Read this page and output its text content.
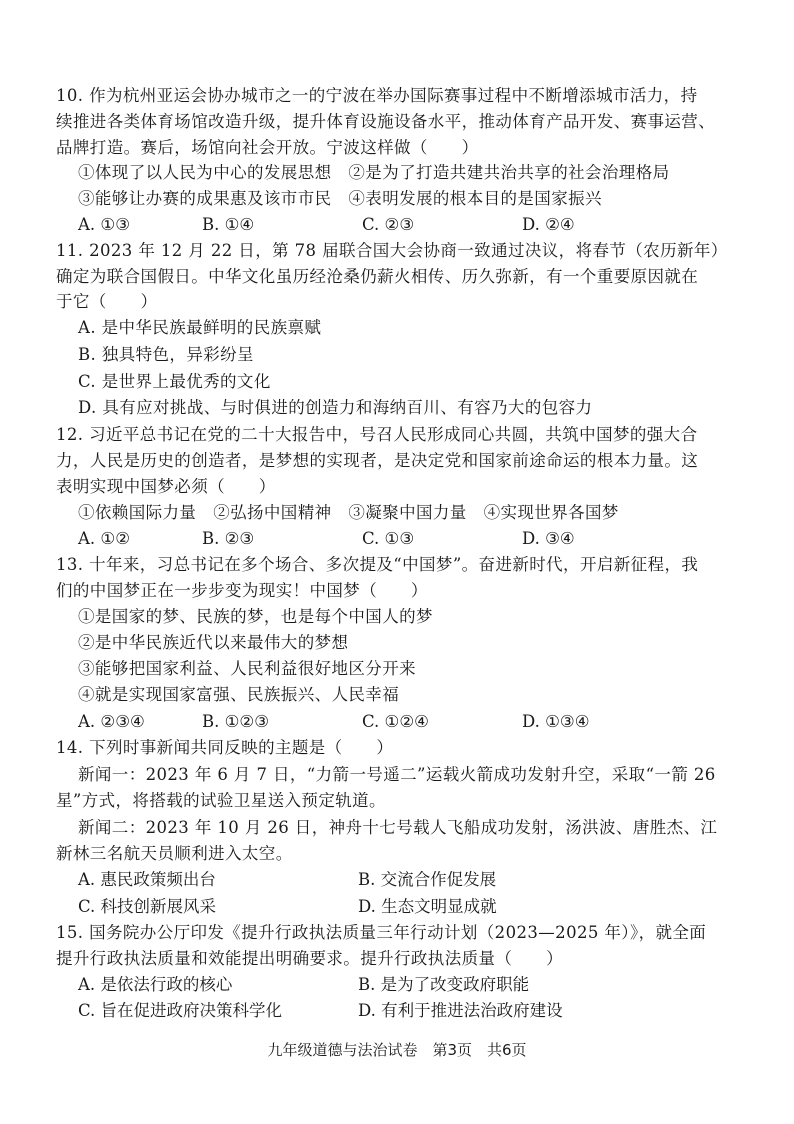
10. 作为杭州亚运会协办城市之一的宁波在举办国际赛事过程中不断增添城市活力，持
续推进各类体育场馆改造升级，提升体育设施设备水平，推动体育产品开发、赛事运营、
品牌打造。赛后，场馆向社会开放。宁波这样做（　　）
①体现了以人民为中心的发展思想　②是为了打造共建共治共享的社会治理格局
③能够让办赛的成果惠及该市市民　④表明发展的根本目的是国家振兴
A. ①③	B. ①④	C. ②③	D. ②④
11. 2023 年 12 月 22 日，第 78 届联合国大会协商一致通过决议，将春节（农历新年）
确定为联合国假日。中华文化虽历经沧桑仍薪火相传、历久弥新，有一个重要原因就在
于它（　　）
A. 是中华民族最鲜明的民族禀赋
B. 独具特色，异彩纷呈
C. 是世界上最优秀的文化
D. 具有应对挑战、与时俱进的创造力和海纳百川、有容乃大的包容力
12. 习近平总书记在党的二十大报告中，号召人民形成同心共圆，共筑中国梦的强大合
力，人民是历史的创造者，是梦想的实现者，是决定党和国家前途命运的根本力量。这
表明实现中国梦必须（　　）
①依赖国际力量　②弘扬中国精神　③凝聚中国力量　④实现世界各国梦
A. ①②	B. ②③	C. ①③	D. ③④
13. 十年来，习总书记在多个场合、多次提及“中国梦”。奋进新时代，开启新征程，我
们的中国梦正在一步步变为现实！中国梦（　　）
①是国家的梦、民族的梦，也是每个中国人的梦
②是中华民族近代以来最伟大的梦想
③能够把国家利益、人民利益很好地区分开来
④就是实现国家富强、民族振兴、人民幸福
A. ②③④	B. ①②③	C. ①②④	D. ①③④
14. 下列时事新闻共同反映的主题是（　　）
新闻一：2023 年 6 月 7 日，“力箭一号遥二”运载火箭成功发射升空，采取“一箭 26
星”方式，将搭载的试验卫星送入预定轨道。
新闻二：2023 年 10 月 26 日，神舟十七号载人飞船成功发射，汤洪波、唐胜杰、江
新林三名航天员顺利进入太空。
A. 惠民政策频出台	B. 交流合作促发展
C. 科技创新展风采	D. 生态文明显成就
15. 国务院办公厅印发《提升行政执法质量三年行动计划（2023—2025 年）》，就全面
提升行政执法质量和效能提出明确要求。提升行政执法质量（　　）
A. 是依法行政的核心	B. 是为了改变政府职能
C. 旨在促进政府决策科学化	D. 有利于推进法治政府建设
九年级道德与法治试卷　第3页　共6页
